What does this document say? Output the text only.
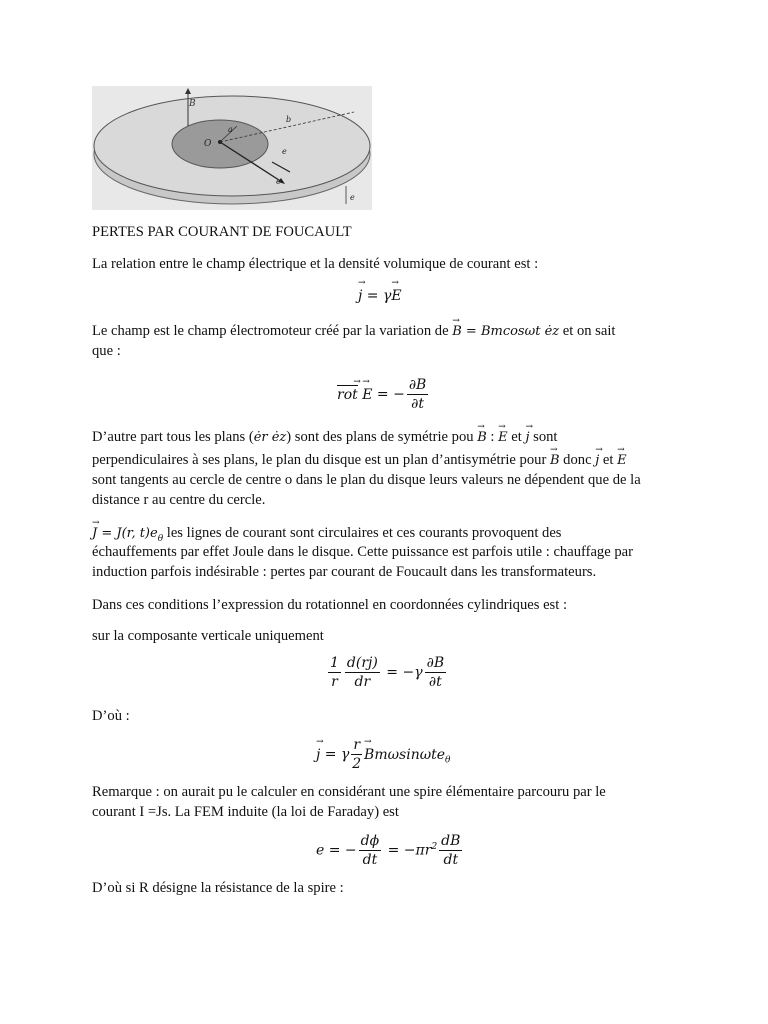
B
O
a
b
e
e
e
PERTES PAR COURANT DE FOUCAULT
La relation entre le champ électrique et la densité volumique de courant est :
→ j = γ→ E
Le champ est le champ électromoteur créé par la variation de → B = Bmcosωt ėz et on sait
que :
rot → → E = − $\frac{\partial B}{\partial t}$
D’autre part tous les plans (ėr ėz) sont des plans de symétrie pou → B : → E et → j sont
perpendiculaires à ses plans, le plan du disque est un plan d’antisymétrie pour → B donc → j et → E
sont tangents au cercle de centre o dans le plan du disque leurs valeurs ne dépendent que de la
distance r au centre du cercle.
→ J = J(r, $t)e_\theta$ les lignes de courant sont circulaires et ces courants provoquent des
échauffements par effet Joule dans le disque. Cette puissance est parfois utile : chauffage par
induction parfois indésirable : pertes par courant de Foucault dans les transformateurs.
Dans ces conditions l’expression du rotationnel en coordonnées cylindriques est :
sur la composante verticale uniquement
$\frac{1}{r} \frac{d(rj)}{dr} = -\gamma \frac{\partial B}{\partial t}$
D’où :
→ j = γ $\frac{r}{2}$
→ Bmωsinωte$_\theta$
Remarque : on aurait pu le calculer en considérant une spire élémentaire parcouru par le
courant I =Js. La FEM induite (la loi de Faraday) est
e = − $\frac{d\phi}{dt} = -\pi r^2 \frac{dB}{dt}$
D’où si R désigne la résistance de la spire :
